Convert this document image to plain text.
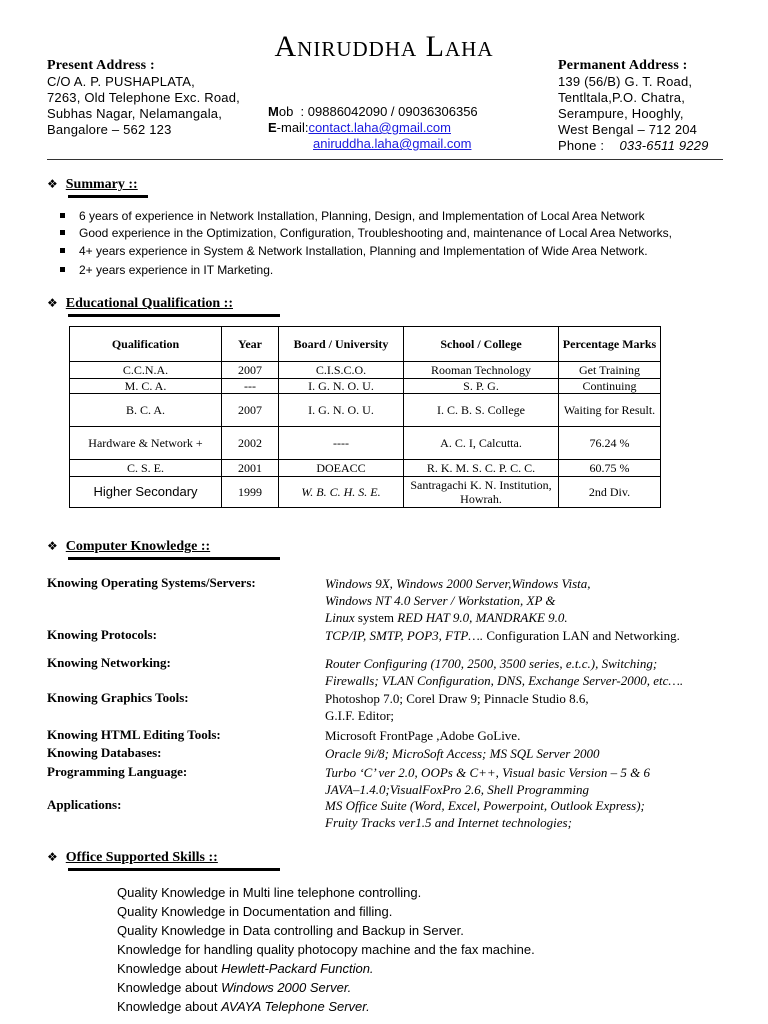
Aniruddha Laha
Present Address :
C/O A. P. PUSHAPLATA,
7263, Old Telephone Exc. Road,
Subhas Nagar, Nelamangala,
Bangalore – 562 123
Mob : 09886042090 / 09036306356
E-mail:contact.laha@gmail.com
aniruddha.laha@gmail.com
Permanent Address :
139 (56/B) G. T. Road,
Tentltala,P.O. Chatra,
Serampure, Hooghly,
West Bengal – 712 204
Phone : 033-6511 9229
❖ Summary ::
6 years of experience in Network Installation, Planning, Design, and Implementation of Local Area Network
Good experience in the Optimization, Configuration, Troubleshooting and, maintenance of Local Area Networks,
4+ years experience in System & Network Installation, Planning and Implementation of Wide Area Network.
2+ years experience in IT Marketing.
❖ Educational Qualification ::
Qualification	Year	Board / University	School / College	Percentage Marks
C.C.N.A.	2007	C.I.S.C.O.	Rooman Technology	Get Training
M. C. A.	---	I. G. N. O. U.	S. P. G.	Continuing
B. C. A.	2007	I. G. N. O. U.	I. C. B. S. College	Waiting for Result.
Hardware & Network +	2002	----	A. C. I, Calcutta.	76.24 %
C. S. E.	2001	DOEACC	R. K. M. S. C. P. C. C.	60.75 %
Higher Secondary	1999	W. B. C. H. S. E.	Santragachi K. N. Institution, Howrah.	2nd Div.
❖ Computer Knowledge ::
Knowing Operating Systems/Servers:	Windows 9X, Windows 2000 Server,Windows Vista,
Windows NT 4.0 Server / Workstation, XP &
Linux system RED HAT 9.0, MANDRAKE 9.0.
Knowing Protocols:	TCP/IP, SMTP, POP3, FTP…. Configuration LAN and Networking.
Knowing Networking:	Router Configuring (1700, 2500, 3500 series, e.t.c.), Switching;
Firewalls; VLAN Configuration, DNS, Exchange Server-2000, etc….
Knowing Graphics Tools:	Photoshop 7.0; Corel Draw 9; Pinnacle Studio 8.6,
G.I.F. Editor;
Knowing HTML Editing Tools:	Microsoft FrontPage ,Adobe GoLive.
Knowing Databases:	Oracle 9i/8; MicroSoft Access; MS SQL Server 2000
Programming Language:	Turbo ‘C’ ver 2.0, OOPs & C++, Visual basic Version – 5 & 6
JAVA–1.4.0;VisualFoxPro 2.6, Shell Programming
Applications:	MS Office Suite (Word, Excel, Powerpoint, Outlook Express);
Fruity Tracks ver1.5 and Internet technologies;
❖ Office Supported Skills ::
Quality Knowledge in Multi line telephone controlling.
Quality Knowledge in Documentation and filling.
Quality Knowledge in Data controlling and Backup in Server.
Knowledge for handling quality photocopy machine and the fax machine.
Knowledge about Hewlett-Packard Function.
Knowledge about Windows 2000 Server.
Knowledge about AVAYA Telephone Server.
